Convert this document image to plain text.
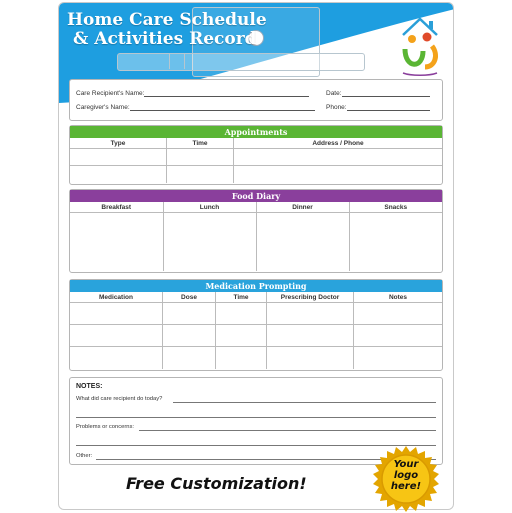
Home Care Schedule
& Activities Record
Care Recipient's Name:
Caregiver's Name:
Date:
Phone:
Appointments
Type	Time	Address / Phone

Food Diary
Breakfast	Lunch	Dinner	Snacks

Medication Prompting
Medication	Dose	Time	Prescribing Doctor	Notes

NOTES:
What did care recipient do today?
Problems or concerns:
Other:
Free Customization!
Your
logo
here!
